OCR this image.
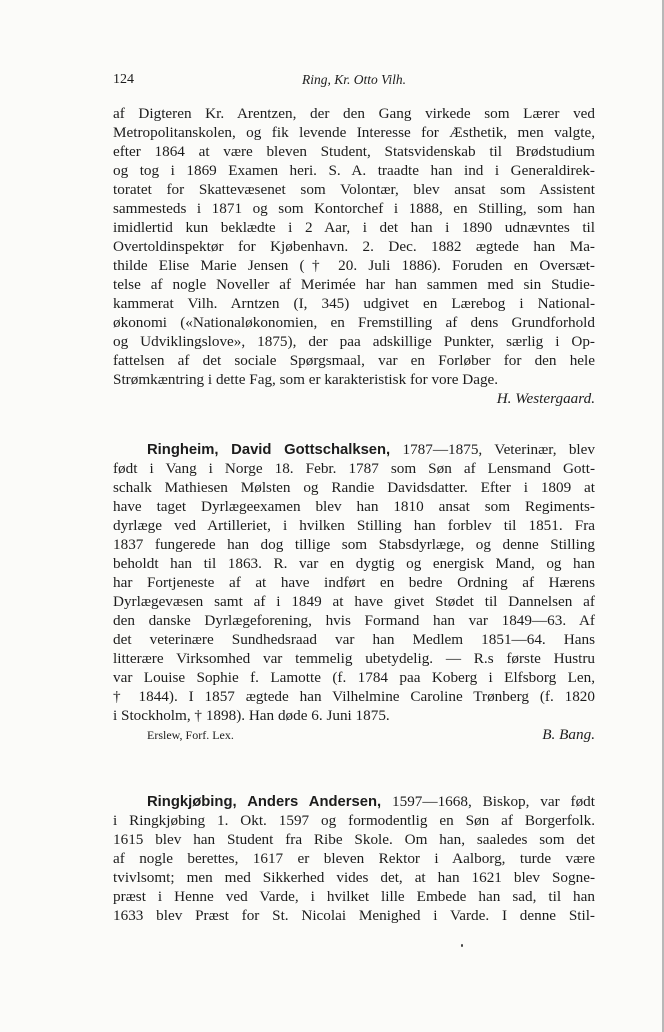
124	Ring, Kr. Otto Vilh.
af Digteren Kr. Arentzen, der den Gang virkede som Lærer ved
Metropolitanskolen, og fik levende Interesse for Æsthetik, men valgte,
efter 1864 at være bleven Student, Statsvidenskab til Brødstudium
og tog i 1869 Examen heri. S. A. traadte han ind i Generaldirek-
toratet for Skattevæsenet som Volontær, blev ansat som Assistent
sammesteds i 1871 og som Kontorchef i 1888, en Stilling, som han
imidlertid kun beklædte i 2 Aar, i det han i 1890 udnævntes til
Overtoldinspektør for Kjøbenhavn. 2. Dec. 1882 ægtede han Ma-
thilde Elise Marie Jensen († 20. Juli 1886). Foruden en Oversæt-
telse af nogle Noveller af Merimée har han sammen med sin Studie-
kammerat Vilh. Arntzen (I, 345) udgivet en Lærebog i National-
økonomi («Nationaløkonomien, en Fremstilling af dens Grundforhold
og Udviklingslove», 1875), der paa adskillige Punkter, særlig i Op-
fattelsen af det sociale Spørgsmaal, var en Forløber for den hele
Strømkæntring i dette Fag, som er karakteristisk for vore Dage.
H. Westergaard.
Ringheim, David Gottschalksen, 1787—1875, Veterinær, blev
født i Vang i Norge 18. Febr. 1787 som Søn af Lensmand Gott-
schalk Mathiesen Mølsten og Randie Davidsdatter. Efter i 1809 at
have taget Dyrlægeexamen blev han 1810 ansat som Regiments-
dyrlæge ved Artilleriet, i hvilken Stilling han forblev til 1851. Fra
1837 fungerede han dog tillige som Stabsdyrlæge, og denne Stilling
beholdt han til 1863. R. var en dygtig og energisk Mand, og han
har Fortjeneste af at have indført en bedre Ordning af Hærens
Dyrlægevæsen samt af i 1849 at have givet Stødet til Dannelsen af
den danske Dyrlægeforening, hvis Formand han var 1849—63. Af
det veterinære Sundhedsraad var han Medlem 1851—64. Hans
litterære Virksomhed var temmelig ubetydelig. — R.s første Hustru
var Louise Sophie f. Lamotte (f. 1784 paa Koberg i Elfsborg Len,
† 1844). I 1857 ægtede han Vilhelmine Caroline Trønberg (f. 1820
i Stockholm, † 1898). Han døde 6. Juni 1875.
Erslew, Forf. Lex.	B. Bang.
Ringkjøbing, Anders Andersen, 1597—1668, Biskop, var født
i Ringkjøbing 1. Okt. 1597 og formodentlig en Søn af Borgerfolk.
1615 blev han Student fra Ribe Skole. Om han, saaledes som det
af nogle berettes, 1617 er bleven Rektor i Aalborg, turde være
tvivlsomt; men med Sikkerhed vides det, at han 1621 blev Sogne-
præst i Henne ved Varde, i hvilket lille Embede han sad, til han
1633 blev Præst for St. Nicolai Menighed i Varde. I denne Stil-
